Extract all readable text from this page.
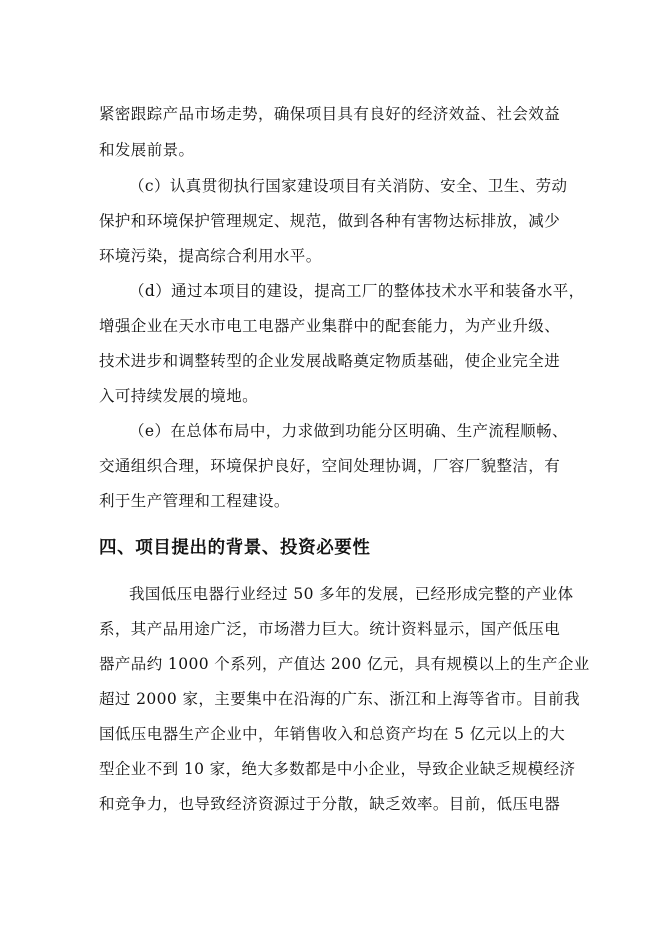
紧密跟踪产品市场走势，确保项目具有良好的经济效益、社会效益
和发展前景。
（c）认真贯彻执行国家建设项目有关消防、安全、卫生、劳动
保护和环境保护管理规定、规范，做到各种有害物达标排放，减少
环境污染，提高综合利用水平。
（d）通过本项目的建设，提高工厂的整体技术水平和装备水平，
增强企业在天水市电工电器产业集群中的配套能力，为产业升级、
技术进步和调整转型的企业发展战略奠定物质基础，使企业完全进
入可持续发展的境地。
（e）在总体布局中，力求做到功能分区明确、生产流程顺畅、
交通组织合理，环境保护良好，空间处理协调，厂容厂貌整洁，有
利于生产管理和工程建设。
四、项目提出的背景、投资必要性
我国低压电器行业经过 50 多年的发展，已经形成完整的产业体
系，其产品用途广泛，市场潜力巨大。统计资料显示，国产低压电
器产品约 1000 个系列，产值达 200 亿元，具有规模以上的生产企业
超过 2000 家，主要集中在沿海的广东、浙江和上海等省市。目前我
国低压电器生产企业中，年销售收入和总资产均在 5 亿元以上的大
型企业不到 10 家，绝大多数都是中小企业，导致企业缺乏规模经济
和竞争力，也导致经济资源过于分散，缺乏效率。目前，低压电器
